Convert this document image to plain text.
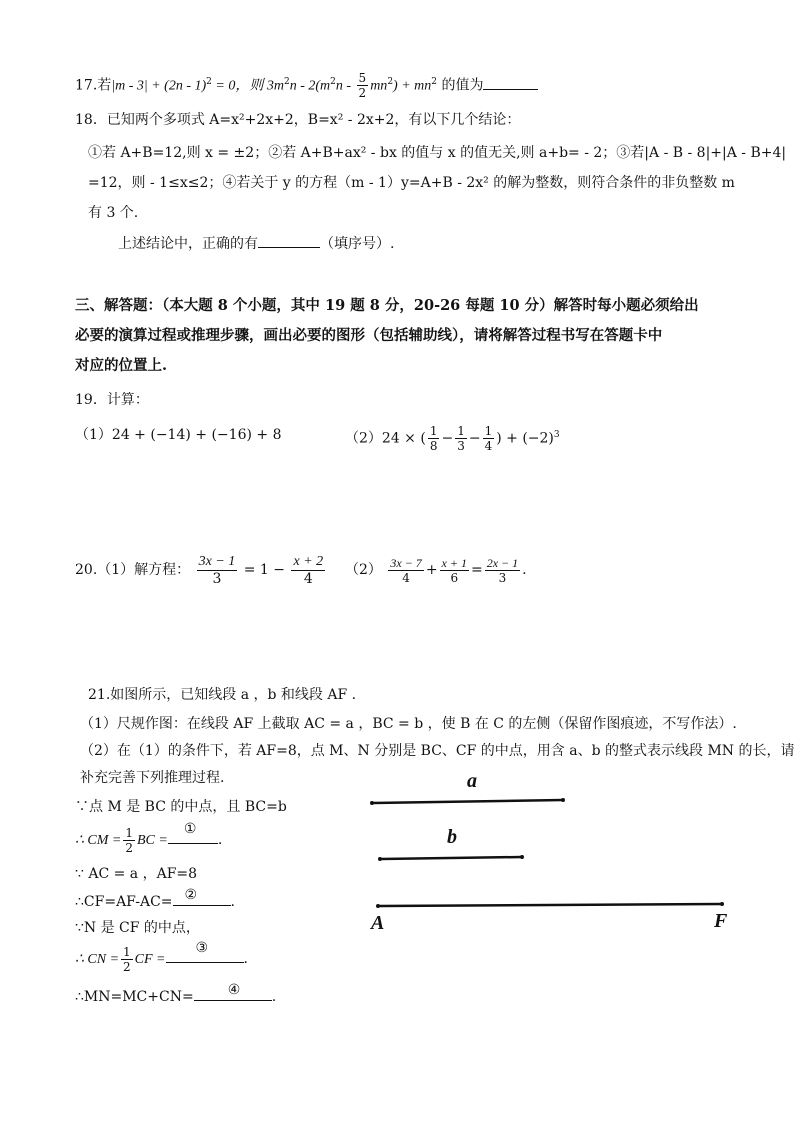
17.若|m - 3| + (2n - 1)$^2$ = 0，则 $3m^2n - 2(m^2n - \frac{5}{2} mn^2) + mn^2$ 的值为
18．已知两个多项式 A=x²+2x+2，B=x² - 2x+2，有以下几个结论：
①若 A+B=12,则 x = ±2；②若 A+B+ax² - bx 的值与 x 的值无关,则 a+b= - 2；③若|A - B - 8|+|A - B+4|
=12，则 - 1≤x≤2；④若关于 y 的方程（m - 1）y=A+B - 2x² 的解为整数，则符合条件的非负整数 m
有 3 个.
上述结论中，正确的有	（填序号）.
三、解答题：（本大题 8 个小题，其中 19 题 8 分，20-26 每题 10 分）解答时每小题必须给出
必要的演算过程或推理步骤，画出必要的图形（包括辅助线），请将解答过程书写在答题卡中
对应的位置上.
19．计算：
（1）24 + (−14) + (−16) + 8	（2）24 × ( $\frac{1}{8} - \frac{1}{3} - \frac{1}{4}$ ) + $(-2)^3$
20.（1）解方程： $\frac{3x - 1}{3} = 1 - \frac{x + 2}{4} (2) \frac{3x - 7}{4} + \frac{x + 1}{6} = \frac{2x - 1}{3}$ .
21.如图所示，已知线段 a ，b 和线段 AF .
（1）尺规作图：在线段 AF 上截取 AC = a ，BC = b ，使 B 在 C 的左侧（保留作图痕迹，不写作法）.
（2）在（1）的条件下，若 AF=8，点 M、N 分别是 BC、CF 的中点，用含 a、b 的整式表示线段 MN 的长，请
补充完善下列推理过程.
∵点 M 是 BC 的中点，且 BC=b
∴ CM = $\frac{1}{2}$ BC =
①
.
∵ AC = a ，AF=8
∴CF=AF-AC= ② .
∵N 是 CF 的中点，
∴ CN = $\frac{1}{2}$ CF =
③
.
∴MN=MC+CN= ④ .
a
b
A	F
